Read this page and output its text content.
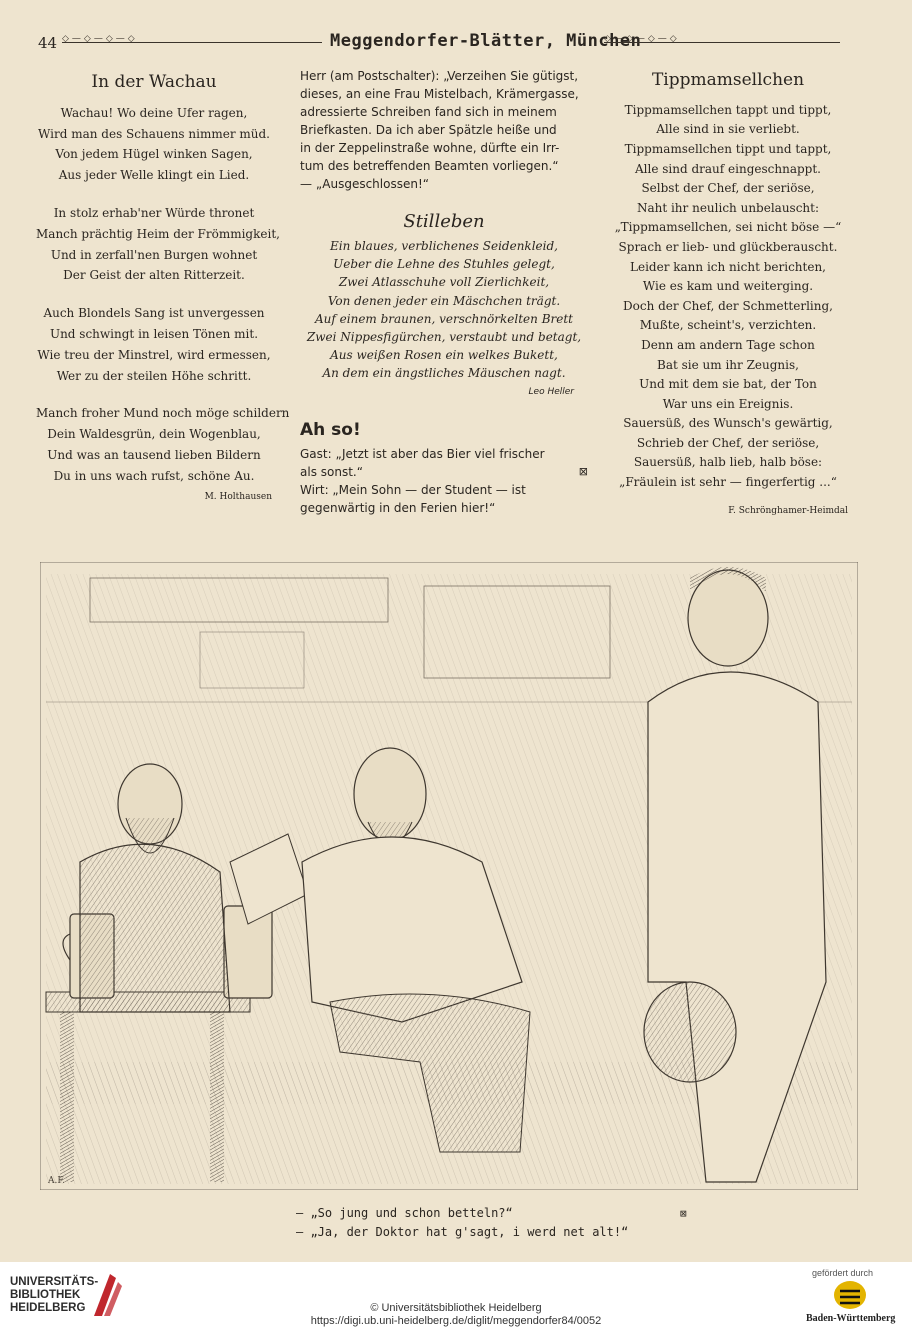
44
◇—◇—◇—◇	Meggendorfer-Blätter, München
◇—◇—◇—◇
In der Wachau
Wachau! Wo deine Ufer ragen,
Wird man des Schauens nimmer müd.
Von jedem Hügel winken Sagen,
Aus jeder Welle klingt ein Lied.
In stolz erhab'ner Würde thronet
Manch prächtig Heim der Frömmigkeit,
Und in zerfall'nen Burgen wohnet
Der Geist der alten Ritterzeit.
Auch Blondels Sang ist unvergessen
Und schwingt in leisen Tönen mit.
Wie treu der Minstrel, wird ermessen,
Wer zu der steilen Höhe schritt.
Manch froher Mund noch möge schildern
Dein Waldesgrün, dein Wogenblau,
Und was an tausend lieben Bildern
Du in uns wach rufst, schöne Au.
M. Holthausen
Herr (am Postschalter): „Verzeihen Sie gütigst,
dieses, an eine Frau Mistelbach, Krämergasse,
adressierte Schreiben fand sich in meinem
Briefkasten. Da ich aber Spätzle heiße und
in der Zeppelinstraße wohne, dürfte ein Irr-
tum des betreffenden Beamten vorliegen.“
— „Ausgeschlossen!“
Stilleben
Ein blaues, verblichenes Seidenkleid,
Ueber die Lehne des Stuhles gelegt,
Zwei Atlasschuhe voll Zierlichkeit,
Von denen jeder ein Mäschchen trägt.
Auf einem braunen, verschnörkelten Brett
Zwei Nippesfigürchen, verstaubt und betagt,
Aus weißen Rosen ein welkes Bukett,
An dem ein ängstliches Mäuschen nagt.
Leo Heller
Ah so!
Gast: „Jetzt ist aber das Bier viel frischer
als sonst.“	⊠
Wirt: „Mein Sohn — der Student — ist
gegenwärtig in den Ferien hier!“
Tippmamsellchen
Tippmamsellchen tappt und tippt,
Alle sind in sie verliebt.
Tippmamsellchen tippt und tappt,
Alle sind drauf eingeschnappt.
Selbst der Chef, der seriöse,
Naht ihr neulich unbelauscht:
„Tippmamsellchen, sei nicht böse —“
Sprach er lieb- und glückberauscht.
Leider kann ich nicht berichten,
Wie es kam und weiterging.
Doch der Chef, der Schmetterling,
Mußte, scheint's, verzichten.
Denn am andern Tage schon
Bat sie um ihr Zeugnis,
Und mit dem sie bat, der Ton
War uns ein Ereignis.
Sauersüß, des Wunsch's gewärtig,
Schrieb der Chef, der seriöse,
Sauersüß, halb lieb, halb böse:
„Fräulein ist sehr — fingerfertig ...“
F. Schrönghamer-Heimdal
A.F.
— „So jung und schon betteln?“	⊠
— „Ja, der Doktor hat g'sagt, i werd net alt!“
UNIVERSITÄTS-
BIBLIOTHEK
HEIDELBERG	© Universitätsbibliothek Heidelberg
https://digi.ub.uni-heidelberg.de/diglit/meggendorfer84/0052
gefördert durch
Baden-Württemberg
